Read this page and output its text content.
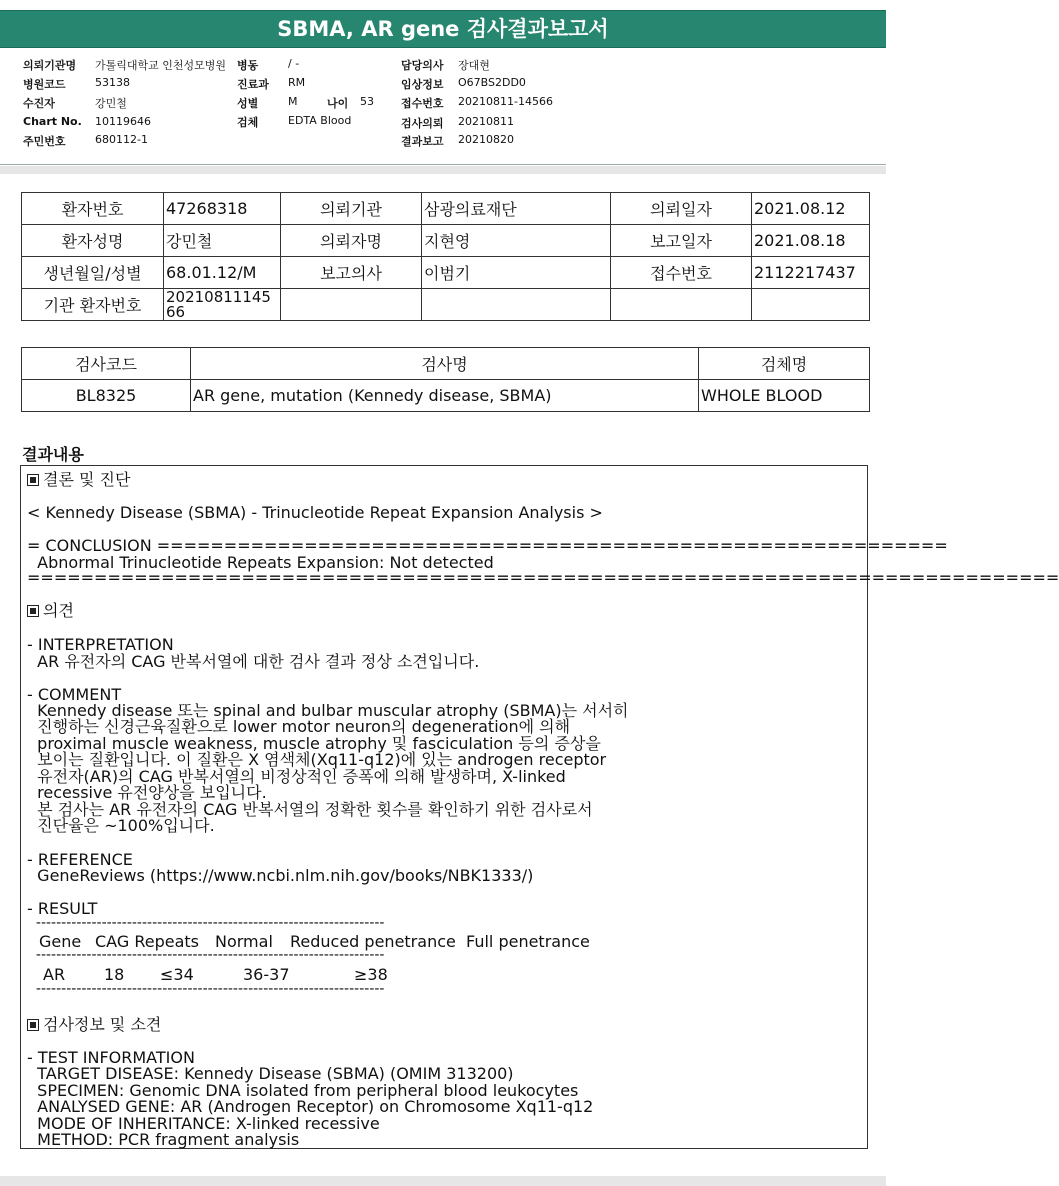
SBMA, AR gene 검사결과보고서
의뢰기관명 가톨릭대학교 인천성모병원
병원코드	53138
수진자	강민철
Chart No. 10119646
주민번호	680112-1
병동	/ -
진료과 RM
성별	M	나이 53
검체	EDTA Blood
담당의사 장대현
임상정보 O67BS2DD0
접수번호 20210811-14566
검사의뢰 20210811
결과보고 20210820
환자번호	47268318	의뢰기관	삼광의료재단	의뢰일자	2021.08.12
환자성명	강민철	의뢰자명	지현영	보고일자	2021.08.18
생년월일/성별	68.01.12/M	보고의사	이범기	접수번호	2112217437
기관 환자번호	2021081114566				
검사코드	검사명	검체명
BL8325	AR gene, mutation (Kennedy disease, SBMA)	WHOLE BLOOD
결과내용
결론 및 진단
< Kennedy Disease (SBMA) - Trinucleotide Repeat Expansion Analysis >
= CONCLUSION ===========================================================
Abnormal Trinucleotide Repeats Expansion: Not detected
=============================================================================
의견
- INTERPRETATION
AR 유전자의 CAG 반복서열에 대한 검사 결과 정상 소견입니다.
- COMMENT
Kennedy disease 또는 spinal and bulbar muscular atrophy (SBMA)는 서서히
진행하는 신경근육질환으로 lower motor neuron의 degeneration에 의해
proximal muscle weakness, muscle atrophy 및 fasciculation 등의 증상을
보이는 질환입니다. 이 질환은 X 염색체(Xq11-q12)에 있는 androgen receptor
유전자(AR)의 CAG 반복서열의 비정상적인 증폭에 의해 발생하며, X-linked
recessive 유전양상을 보입니다.
본 검사는 AR 유전자의 CAG 반복서열의 정확한 횟수를 확인하기 위한 검사로서
진단율은 ~100%입니다.
- REFERENCE
GeneReviews (https://www.ncbi.nlm.nih.gov/books/NBK1333/)
- RESULT
---------------------------------------------------------------------
Gene CAG Repeats Normal Reduced penetrance Full penetrance
---------------------------------------------------------------------
AR 18 ≤34	36-37	≥38
---------------------------------------------------------------------
검사정보 및 소견
- TEST INFORMATION
TARGET DISEASE: Kennedy Disease (SBMA) (OMIM 313200)
SPECIMEN: Genomic DNA isolated from peripheral blood leukocytes
ANALYSED GENE: AR (Androgen Receptor) on Chromosome Xq11-q12
MODE OF INHERITANCE: X-linked recessive
METHOD: PCR fragment analysis
